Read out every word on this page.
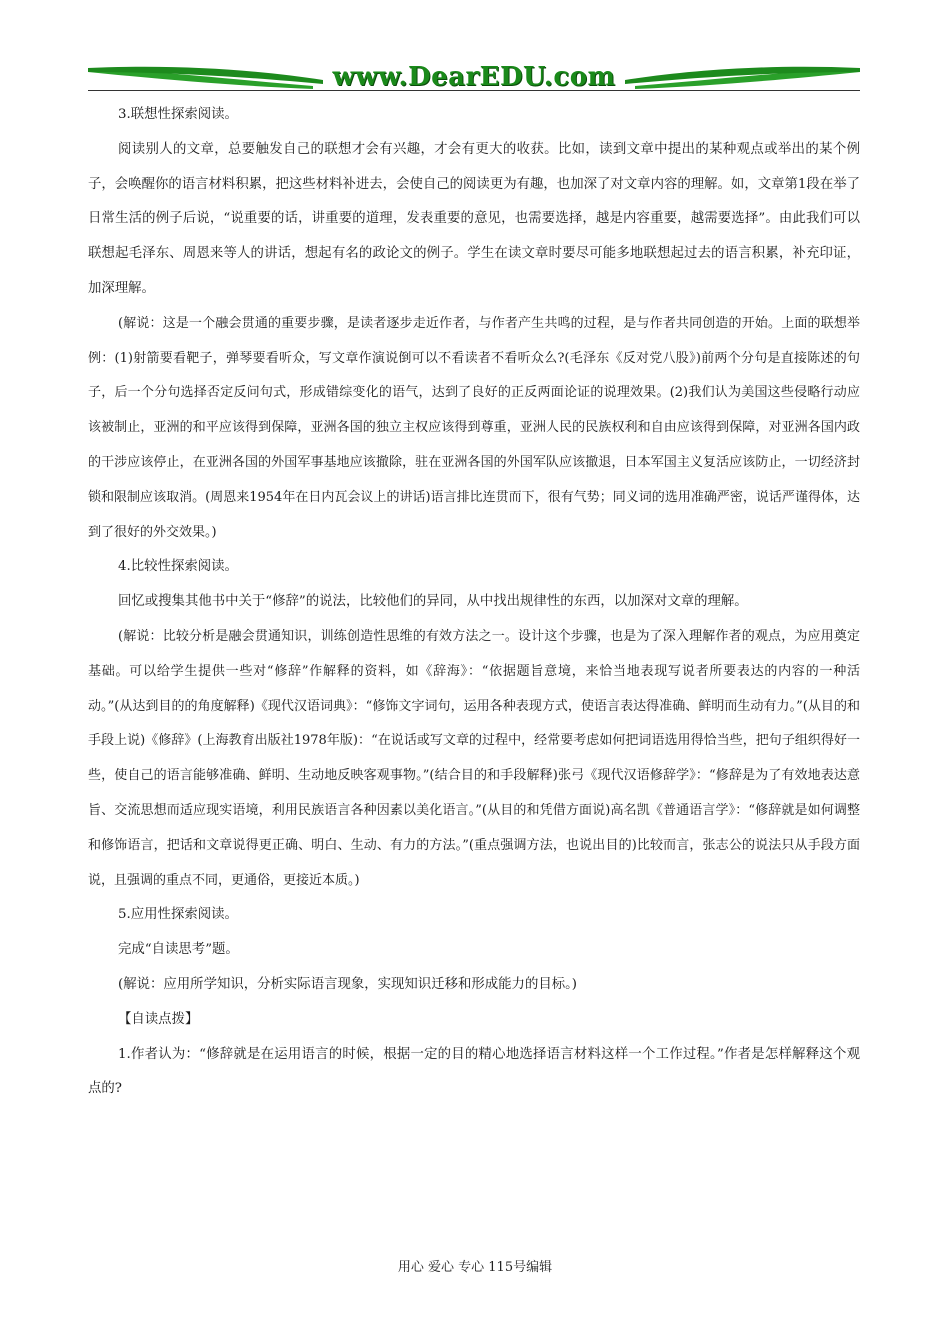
www.DearEDU.com

3.联想性探索阅读。

阅读别人的文章，总要触发自己的联想才会有兴趣，才会有更大的收获。比如，读到文章中提出的某种观点或举出的某个例子，会唤醒你的语言材料积累，把这些材料补进去，会使自己的阅读更为有趣，也加深了对文章内容的理解。如，文章第1段在举了日常生活的例子后说，“说重要的话，讲重要的道理，发表重要的意见，也需要选择，越是内容重要，越需要选择”。由此我们可以联想起毛泽东、周恩来等人的讲话，想起有名的政论文的例子。学生在读文章时要尽可能多地联想起过去的语言积累，补充印证，加深理解。

(解说：这是一个融会贯通的重要步骤，是读者逐步走近作者，与作者产生共鸣的过程，是与作者共同创造的开始。上面的联想举例：(1)射箭要看靶子，弹琴要看听众，写文章作演说倒可以不看读者不看听众么?(毛泽东《反对党八股》)前两个分句是直接陈述的句子，后一个分句选择否定反问句式，形成错综变化的语气，达到了良好的正反两面论证的说理效果。(2)我们认为美国这些侵略行动应该被制止，亚洲的和平应该得到保障，亚洲各国的独立主权应该得到尊重，亚洲人民的民族权利和自由应该得到保障，对亚洲各国内政的干涉应该停止，在亚洲各国的外国军事基地应该撤除，驻在亚洲各国的外国军队应该撤退，日本军国主义复活应该防止，一切经济封锁和限制应该取消。(周恩来1954年在日内瓦会议上的讲话)语言排比连贯而下，很有气势；同义词的选用准确严密，说话严谨得体，达到了很好的外交效果。)

4.比较性探索阅读。

回忆或搜集其他书中关于“修辞”的说法，比较他们的异同，从中找出规律性的东西，以加深对文章的理解。

(解说：比较分析是融会贯通知识，训练创造性思维的有效方法之一。设计这个步骤，也是为了深入理解作者的观点，为应用奠定基础。可以给学生提供一些对“修辞”作解释的资料，如《辞海》：“依据题旨意境，来恰当地表现写说者所要表达的内容的一种活动。”(从达到目的的角度解释)《现代汉语词典》：“修饰文字词句，运用各种表现方式，使语言表达得准确、鲜明而生动有力。”(从目的和手段上说)《修辞》(上海教育出版社1978年版)：“在说话或写文章的过程中，经常要考虑如何把词语选用得恰当些，把句子组织得好一些，使自己的语言能够准确、鲜明、生动地反映客观事物。”(结合目的和手段解释)张弓《现代汉语修辞学》：“修辞是为了有效地表达意旨、交流思想而适应现实语境，利用民族语言各种因素以美化语言。”(从目的和凭借方面说)高名凯《普通语言学》：“修辞就是如何调整和修饰语言，把话和文章说得更正确、明白、生动、有力的方法。”(重点强调方法，也说出目的)比较而言，张志公的说法只从手段方面说，且强调的重点不同，更通俗，更接近本质。)

5.应用性探索阅读。

完成“自读思考”题。

(解说：应用所学知识，分析实际语言现象，实现知识迁移和形成能力的目标。)

【自读点拨】

1.作者认为：“修辞就是在运用语言的时候，根据一定的目的精心地选择语言材料这样一个工作过程。”作者是怎样解释这个观点的?

用心 爱心 专心 115号编辑
